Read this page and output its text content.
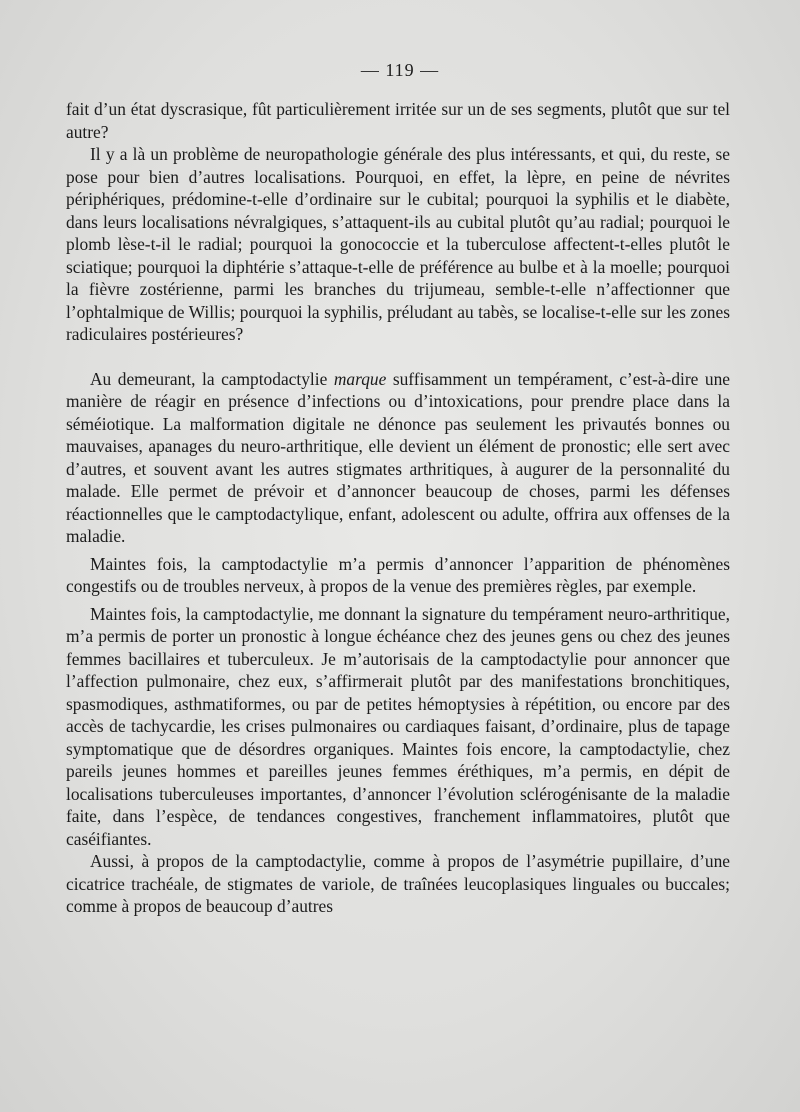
— 119 —

fait d’un état dyscrasique, fût particulièrement irritée sur un de ses segments, plutôt que sur tel autre?

Il y a là un problème de neuropathologie générale des plus intéressants, et qui, du reste, se pose pour bien d’autres localisations. Pourquoi, en effet, la lèpre, en peine de névrites périphériques, prédomine-t-elle d’ordinaire sur le cubital; pourquoi la syphilis et le diabète, dans leurs localisations névralgiques, s’attaquent-ils au cubital plutôt qu’au radial; pourquoi le plomb lèse-t-il le radial; pourquoi la gonococcie et la tuberculose affectent-t-elles plutôt le sciatique; pourquoi la diphtérie s’attaque-t-elle de préférence au bulbe et à la moelle; pourquoi la fièvre zostérienne, parmi les branches du trijumeau, semble-t-elle n’affectionner que l’ophtalmique de Willis; pourquoi la syphilis, préludant au tabès, se localise-t-elle sur les zones radiculaires postérieures?

Au demeurant, la camptodactylie marque suffisamment un tempérament, c’est-à-dire une manière de réagir en présence d’infections ou d’intoxications, pour prendre place dans la séméiotique. La malformation digitale ne dénonce pas seulement les privautés bonnes ou mauvaises, apanages du neuro-arthritique, elle devient un élément de pronostic; elle sert avec d’autres, et souvent avant les autres stigmates arthritiques, à augurer de la personnalité du malade. Elle permet de prévoir et d’annoncer beaucoup de choses, parmi les défenses réactionnelles que le camptodactylique, enfant, adolescent ou adulte, offrira aux offenses de la maladie.

Maintes fois, la camptodactylie m’a permis d’annoncer l’apparition de phénomènes congestifs ou de troubles nerveux, à propos de la venue des premières règles, par exemple.

Maintes fois, la camptodactylie, me donnant la signature du tempérament neuro-arthritique, m’a permis de porter un pronostic à longue échéance chez des jeunes gens ou chez des jeunes femmes bacillaires et tuberculeux. Je m’autorisais de la camptodactylie pour annoncer que l’affection pulmonaire, chez eux, s’affirmerait plutôt par des manifestations bronchitiques, spasmodiques, asthmatiformes, ou par de petites hémoptysies à répétition, ou encore par des accès de tachycardie, les crises pulmonaires ou cardiaques faisant, d’ordinaire, plus de tapage symptomatique que de désordres organiques. Maintes fois encore, la camptodactylie, chez pareils jeunes hommes et pareilles jeunes femmes éréthiques, m’a permis, en dépit de localisations tuberculeuses importantes, d’annoncer l’évolution sclérogénisante de la maladie faite, dans l’espèce, de tendances congestives, franchement inflammatoires, plutôt que caséifiantes.

Aussi, à propos de la camptodactylie, comme à propos de l’asymétrie pupillaire, d’une cicatrice trachéale, de stigmates de variole, de traînées leucoplasiques linguales ou buccales; comme à propos de beaucoup d’autres
